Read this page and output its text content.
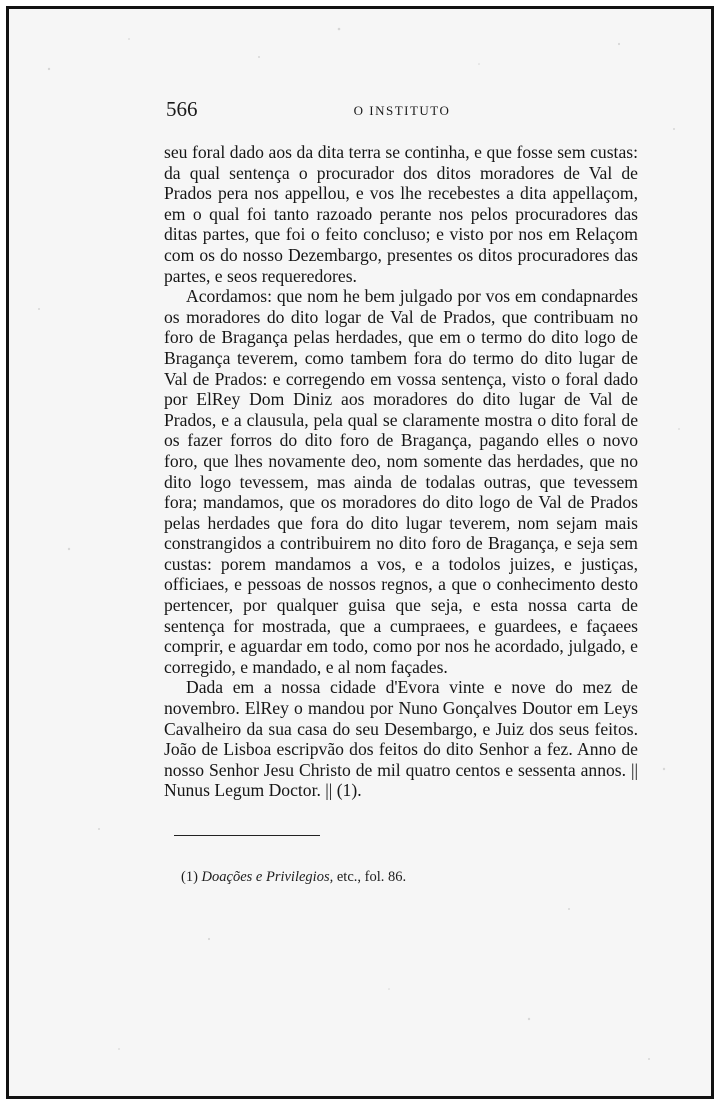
566	O INSTITUTO

seu foral dado aos da dita terra se continha, e que fosse sem custas: da qual sentença o procurador dos ditos moradores de Val de Prados pera nos appellou, e vos lhe recebestes a dita appellaçom, em o qual foi tanto razoado perante nos pelos procuradores das ditas partes, que foi o feito concluso; e visto por nos em Relaçom com os do nosso Dezembargo, presentes os ditos procuradores das partes, e seos requeredores.

Acordamos: que nom he bem julgado por vos em condapnardes os moradores do dito logar de Val de Prados, que contribuam no foro de Bragança pelas herdades, que em o termo do dito logo de Bragança teverem, como tambem fora do termo do dito lugar de Val de Prados: e corregendo em vossa sentença, visto o foral dado por ElRey Dom Diniz aos moradores do dito lugar de Val de Prados, e a clausula, pela qual se claramente mostra o dito foral de os fazer forros do dito foro de Bragança, pagando elles o novo foro, que lhes novamente deo, nom somente das herdades, que no dito logo tevessem, mas ainda de todalas outras, que tevessem fora; mandamos, que os moradores do dito logo de Val de Prados pelas herdades que fora do dito lugar teverem, nom sejam mais constrangidos a contribuirem no dito foro de Bragança, e seja sem custas: porem mandamos a vos, e a todolos juizes, e justiças, officiaes, e pessoas de nossos regnos, a que o conhecimento desto pertencer, por qualquer guisa que seja, e esta nossa carta de sentença for mostrada, que a cumpraees, e guardees, e façaees comprir, e aguardar em todo, como por nos he acordado, julgado, e corregido, e mandado, e al nom façades.

Dada em a nossa cidade d'Evora vinte e nove do mez de novembro. ElRey o mandou por Nuno Gonçalves Doutor em Leys Cavalheiro da sua casa do seu Desembargo, e Juiz dos seus feitos. João de Lisboa escripvão dos feitos do dito Senhor a fez. Anno de nosso Senhor Jesu Christo de mil quatro centos e sessenta annos. || Nunus Legum Doctor. || (1).

(1) Doações e Privilegios, etc., fol. 86.
